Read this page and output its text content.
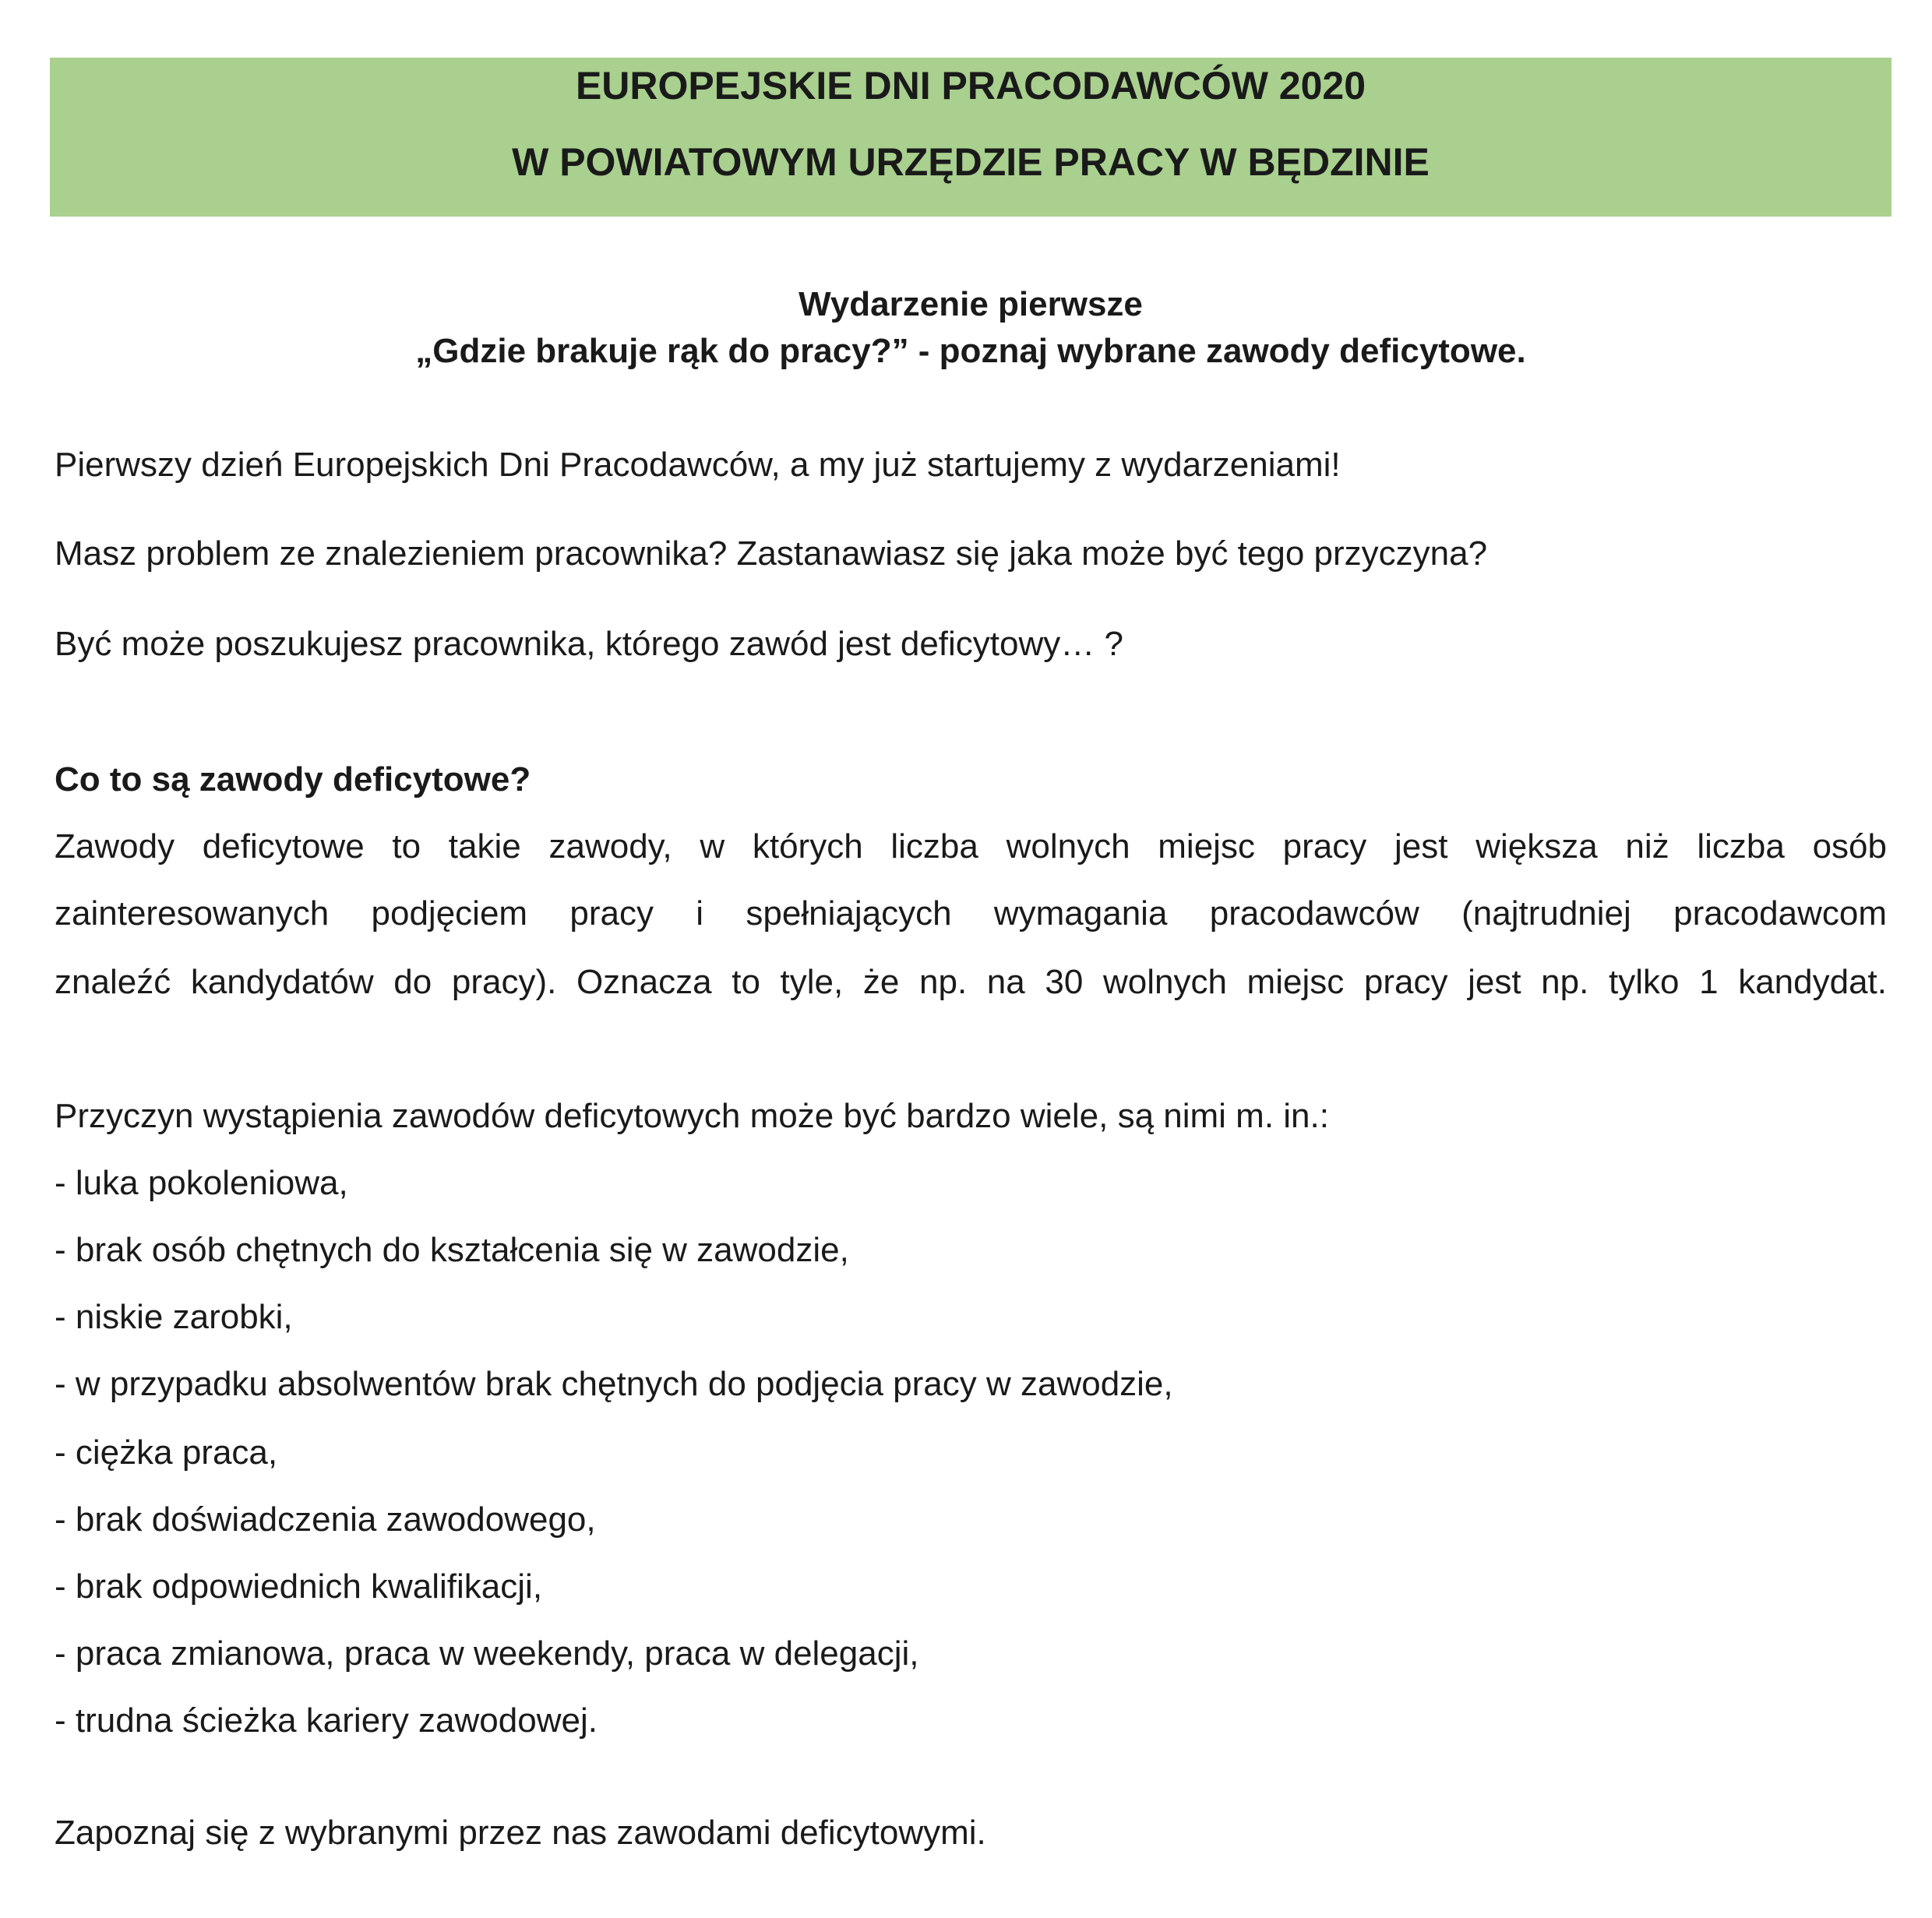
EUROPEJSKIE DNI PRACODAWCÓW 2020
W POWIATOWYM URZĘDZIE PRACY W BĘDZINIE
Wydarzenie pierwsze
„Gdzie brakuje rąk do pracy?” - poznaj wybrane zawody deficytowe.
Pierwszy dzień Europejskich Dni Pracodawców, a my już startujemy z wydarzeniami!
Masz problem ze znalezieniem pracownika? Zastanawiasz się jaka może być tego przyczyna?
Być może poszukujesz pracownika, którego zawód jest deficytowy… ?
Co to są zawody deficytowe?
Zawody deficytowe to takie zawody, w których liczba wolnych miejsc pracy jest większa niż liczba osób
zainteresowanych podjęciem pracy i spełniających wymagania pracodawców (najtrudniej pracodawcom
znaleźć kandydatów do pracy). Oznacza to tyle, że np. na 30 wolnych miejsc pracy jest np. tylko 1 kandydat.
Przyczyn wystąpienia zawodów deficytowych może być bardzo wiele, są nimi m. in.:
- luka pokoleniowa,
- brak osób chętnych do kształcenia się w zawodzie,
- niskie zarobki,
- w przypadku absolwentów brak chętnych do podjęcia pracy w zawodzie,
- ciężka praca,
- brak doświadczenia zawodowego,
- brak odpowiednich kwalifikacji,
- praca zmianowa, praca w weekendy, praca w delegacji,
- trudna ścieżka kariery zawodowej.
Zapoznaj się z wybranymi przez nas zawodami deficytowymi.
